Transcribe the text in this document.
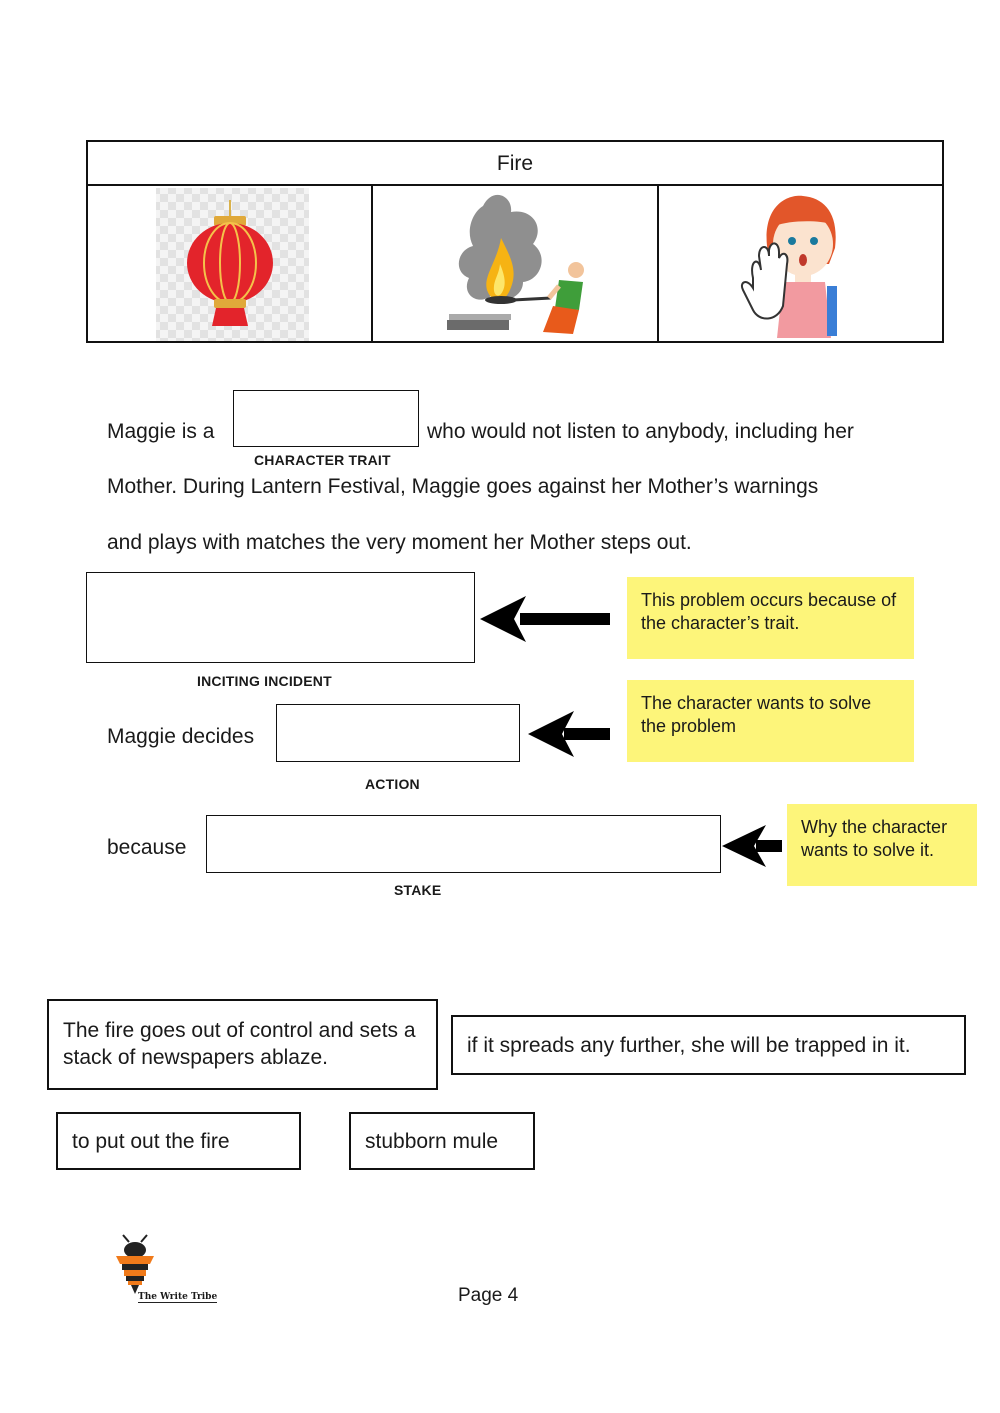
Fire
Maggie is a	who would not listen to anybody, including her
CHARACTER TRAIT
Mother. During Lantern Festival, Maggie goes against her Mother’s warnings
and plays with matches the very moment her Mother steps out.
INCITING INCIDENT
This problem occurs because of the character’s trait.
Maggie decides
ACTION
The character wants to solve the problem
because
STAKE
Why the character wants to solve it.
The fire goes out of control and sets a stack of newspapers ablaze.
if it spreads any further, she will be trapped in it.
to put out the fire	stubborn mule
The Write Tribe	Page 4
